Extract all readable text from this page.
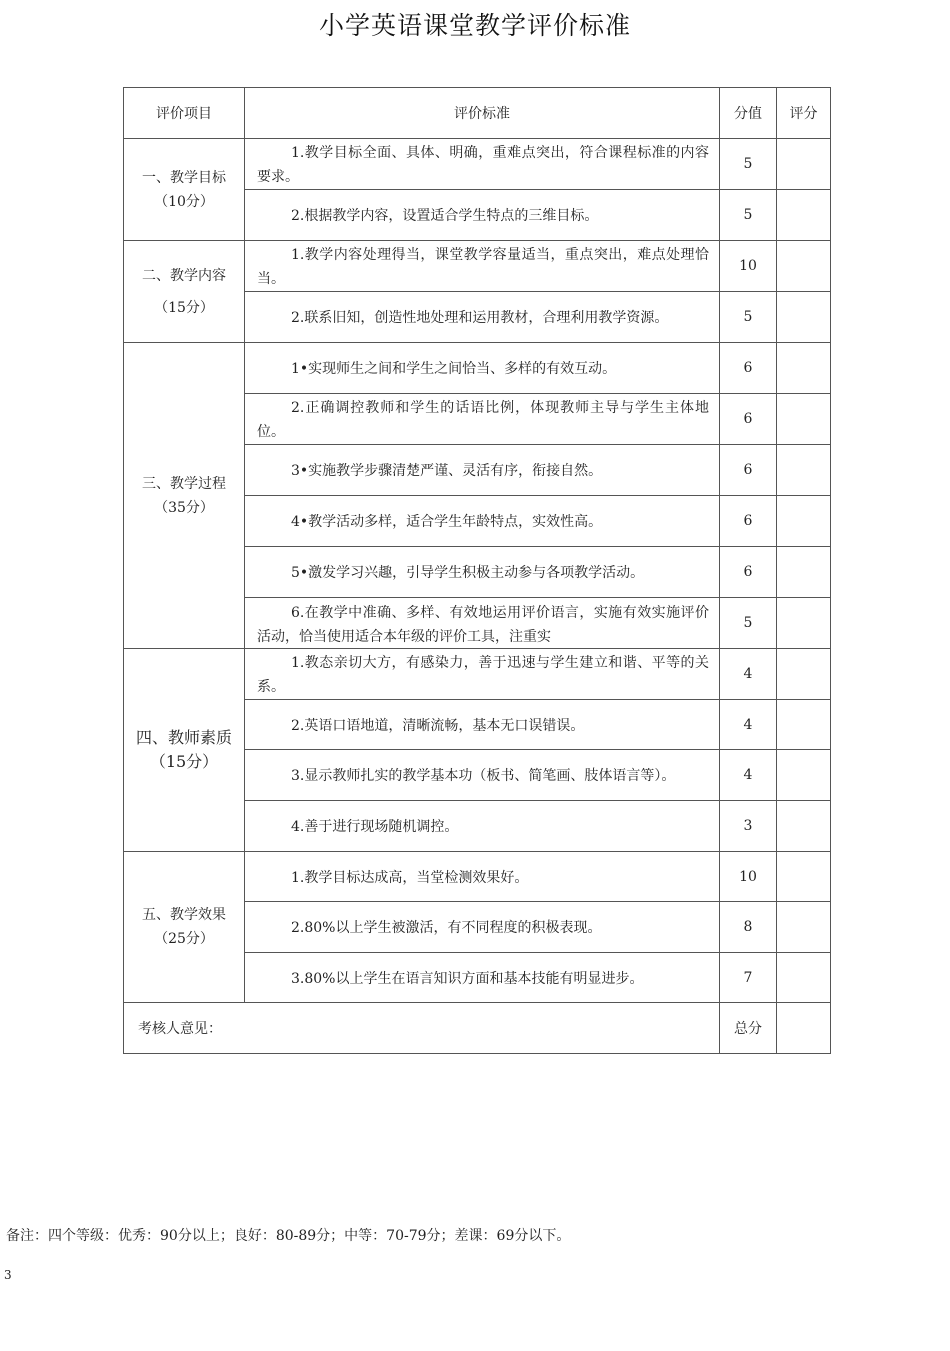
小学英语课堂教学评价标准
评价项目	评价标准	分值	评分

一、教学目标
（10分）	1.教学目标全面、具体、明确，重难点突出，符合课程标准的内容要求。	5	

	2.根据教学内容，设置适合学生特点的三维目标。	5	

二、教学内容
（15分）	1.教学内容处理得当，课堂教学容量适当，重点突出，难点处理恰当。	10	

	2.联系旧知，创造性地处理和运用教材，合理利用教学资源。	5	

三、教学过程
（35分）	1•实现师生之间和学生之间恰当、多样的有效互动。	6	

	2.正确调控教师和学生的话语比例，体现教师主导与学生主体地位。	6	

	3•实施教学步骤清楚严谨、灵活有序，衔接自然。	6	

	4•教学活动多样，适合学生年龄特点，实效性高。	6	

	5•激发学习兴趣，引导学生积极主动参与各项教学活动。	6	

	6.在教学中准确、多样、有效地运用评价语言，实施有效实施评价活动，恰当使用适合本年级的评价工具，注重实	5	

四、教师素质（15分）	1.教态亲切大方，有感染力，善于迅速与学生建立和谐、平等的关系。	4	

	2.英语口语地道，清晰流畅，基本无口误错误。	4	

	3.显示教师扎实的教学基本功（板书、简笔画、肢体语言等）。	4	

	4.善于进行现场随机调控。	3	

五、教学效果
（25分）	1.教学目标达成高，当堂检测效果好。	10	

	2.80%以上学生被激活，有不同程度的积极表现。	8	

	3.80%以上学生在语言知识方面和基本技能有明显进步。	7	
考核人意见：		总分	
备注：四个等级：优秀：90分以上；良好：80-89分；中等：70-79分；差课：69分以下。
3
